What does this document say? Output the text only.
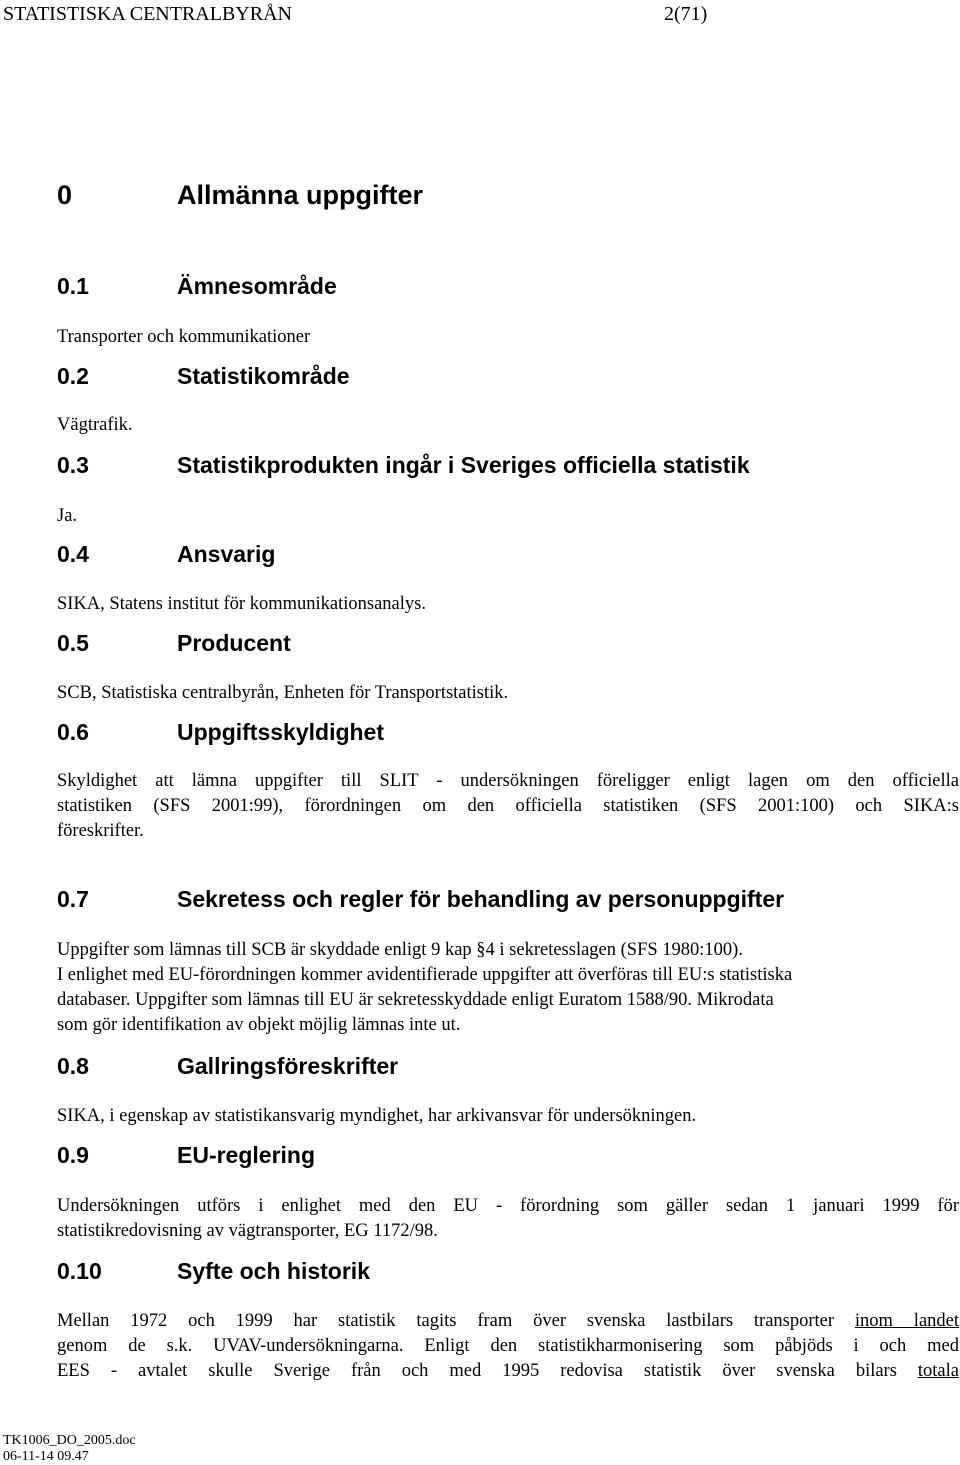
STATISTISKA CENTRALBYRÅN	2(71)
0	Allmänna uppgifter
0.1	Ämnesområde
Transporter och kommunikationer
0.2	Statistikområde
Vägtrafik.
0.3	Statistikprodukten ingår i Sveriges officiella statistik
Ja.
0.4	Ansvarig
SIKA, Statens institut för kommunikationsanalys.
0.5	Producent
SCB, Statistiska centralbyrån, Enheten för Transportstatistik.
0.6	Uppgiftsskyldighet
Skyldighet att lämna uppgifter till SLIT - undersökningen föreligger enligt lagen om den officiella
statistiken (SFS 2001:99), förordningen om den officiella statistiken (SFS 2001:100) och SIKA:s
föreskrifter.
0.7	Sekretess och regler för behandling av personuppgifter
Uppgifter som lämnas till SCB är skyddade enligt 9 kap §4 i sekretesslagen (SFS 1980:100).
I enlighet med EU-förordningen kommer avidentifierade uppgifter att överföras till EU:s statistiska
databaser. Uppgifter som lämnas till EU är sekretesskyddade enligt Euratom 1588/90. Mikrodata
som gör identifikation av objekt möjlig lämnas inte ut.
0.8	Gallringsföreskrifter
SIKA, i egenskap av statistikansvarig myndighet, har arkivansvar för undersökningen.
0.9	EU-reglering
Undersökningen utförs i enlighet med den EU - förordning som gäller sedan 1 januari 1999 för
statistikredovisning av vägtransporter, EG 1172/98.
0.10	Syfte och historik
Mellan 1972 och 1999 har statistik tagits fram över svenska lastbilars transporter inom landet
genom de s.k. UVAV-undersökningarna. Enligt den statistikharmonisering som påbjöds i och med
EES - avtalet skulle Sverige från och med 1995 redovisa statistik över svenska bilars totala
TK1006_DO_2005.doc
06-11-14 09.47
